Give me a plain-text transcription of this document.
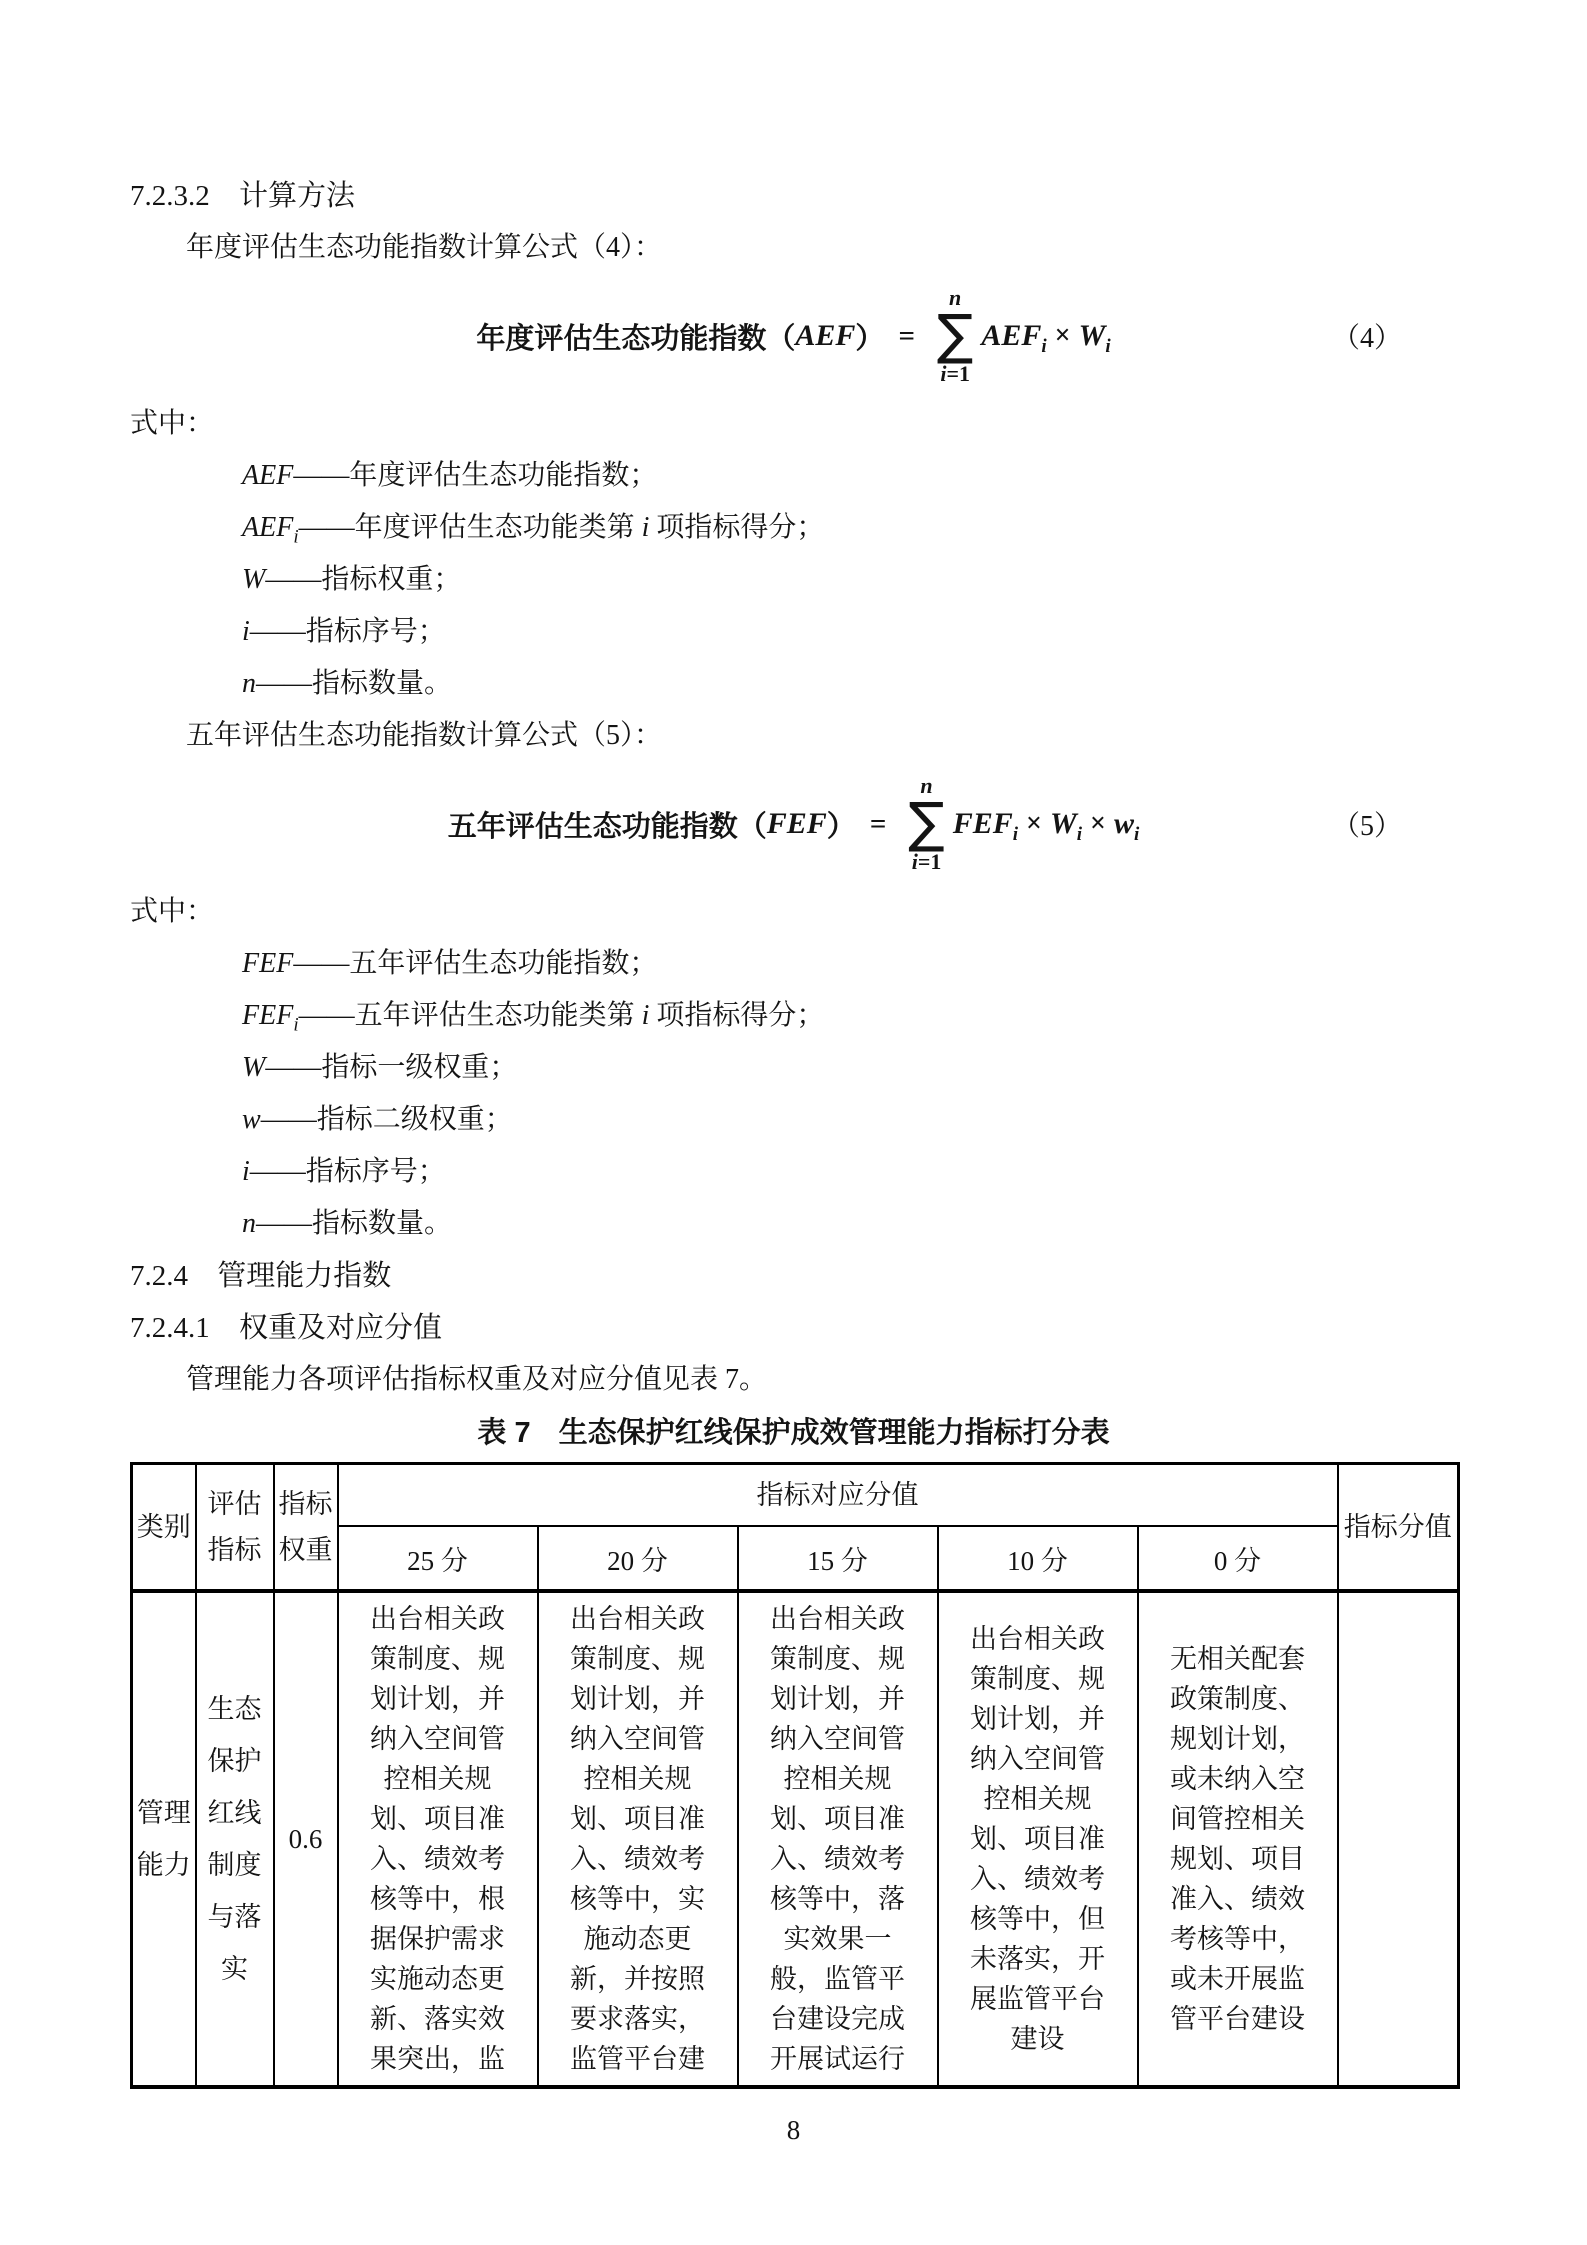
7.2.3.2 计算方法
年度评估生态功能指数计算公式（4）：
年度评估生态功能指数（ AEF ） =
n
∑
i=1
$AEF_i \times W_i$	（4）
式中：
AEF——年度评估生态功能指数；
$AEF_i——$年度评估生态功能类第 i 项指标得分；
W——指标权重；
i——指标序号；
n——指标数量。
五年评估生态功能指数计算公式（5）：
五年评估生态功能指数（ FEF ） =
n
∑
i=1
$FEF_i \times W_i \times w_i$	（5）
式中：
FEF——五年评估生态功能指数；
$FEF_i——$五年评估生态功能类第 i 项指标得分；
W——指标一级权重；
w——指标二级权重；
i——指标序号；
n——指标数量。
7.2.4 管理能力指数
7.2.4.1 权重及对应分值
管理能力各项评估指标权重及对应分值见表 7。
表 7 生态保护红线保护成效管理能力指标打分表
类别	评估指标	指标权重	指标对应分值					指标分值
			25 分	20 分	15 分	10 分	0 分	

管理能力	生态保护红线制度与落实	0.6	出台相关政策制度、规划计划，并纳入空间管控相关规划、项目准入、绩效考核等中，根据保护需求实施动态更新、落实效果突出，监	出台相关政策制度、规划计划，并纳入空间管控相关规划、项目准入、绩效考核等中，实施动态更新，并按照要求落实，监管平台建	出台相关政策制度、规划计划，并纳入空间管控相关规划、项目准入、绩效考核等中，落实效果一般，监管平台建设完成开展试运行	出台相关政策制度、规划计划，并纳入空间管控相关规划、项目准入、绩效考核等中，但未落实，开展监管平台建设	无相关配套政策制度、规划计划，或未纳入空间管控相关规划、项目准入、绩效考核等中，或未开展监管平台建设	

8
